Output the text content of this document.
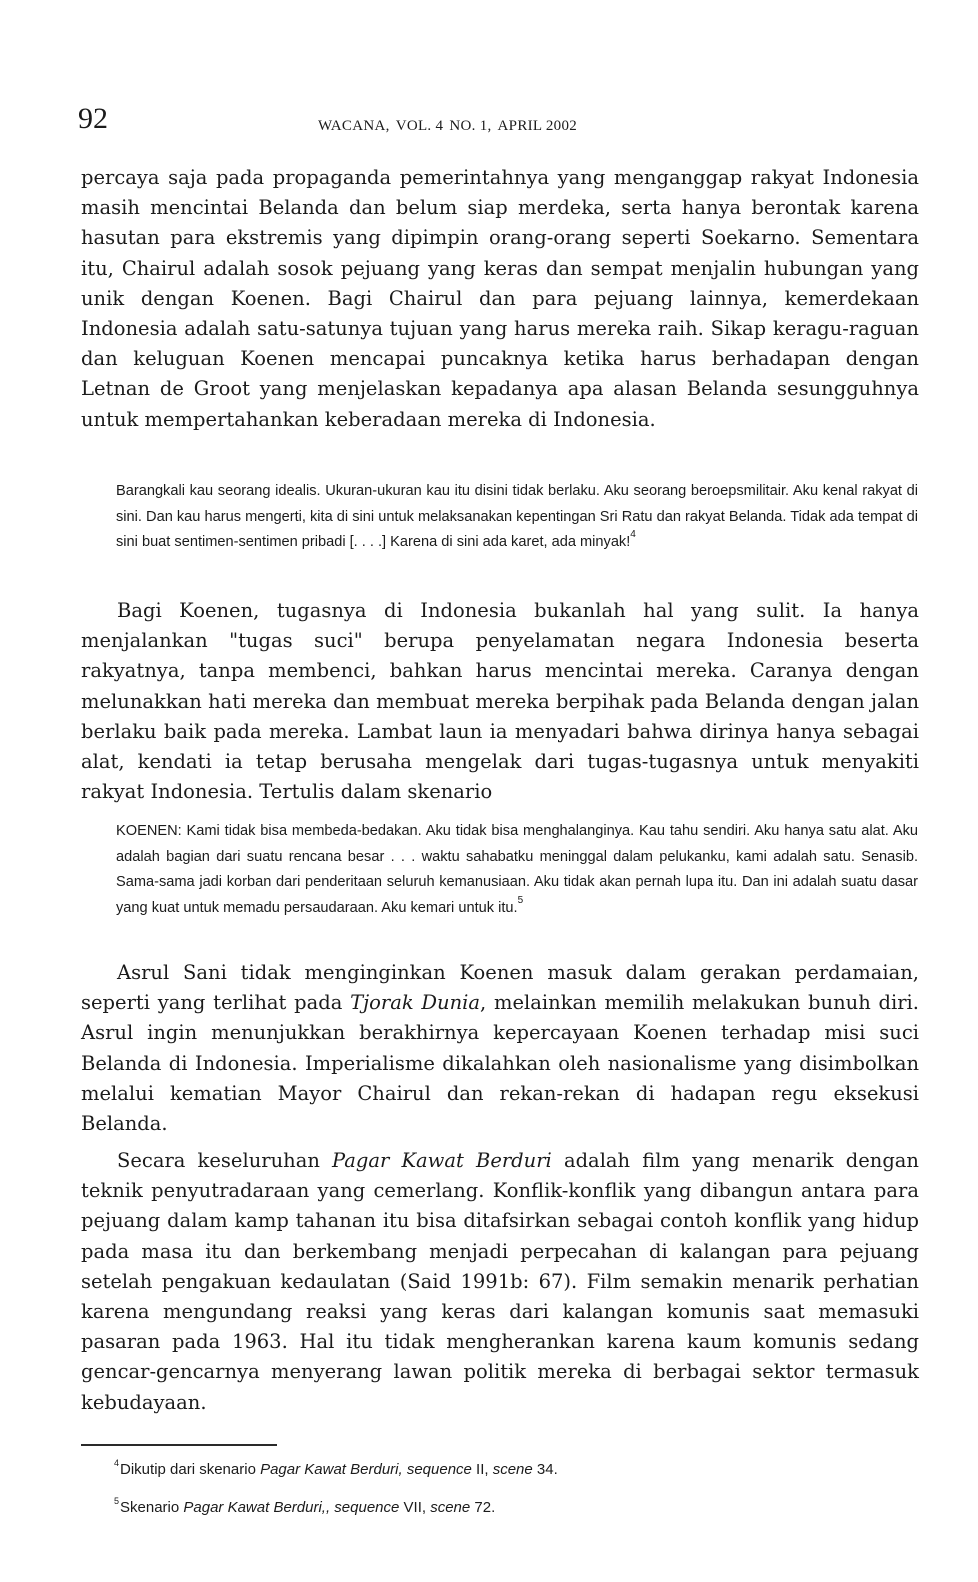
92	WACANA, VOL. 4 NO. 1, APRIL 2002

percaya saja pada propaganda pemerintahnya yang menganggap rakyat Indonesia masih mencintai Belanda dan belum siap merdeka, serta hanya berontak karena hasutan para ekstremis yang dipimpin orang-orang seperti Soekarno. Sementara itu, Chairul adalah sosok pejuang yang keras dan sempat menjalin hubungan yang unik dengan Koenen. Bagi Chairul dan para pejuang lainnya, kemerdekaan Indonesia adalah satu-satunya tujuan yang harus mereka raih. Sikap keragu-raguan dan keluguan Koenen mencapai puncaknya ketika harus berhadapan dengan Letnan de Groot yang menjelaskan kepadanya apa alasan Belanda sesungguhnya untuk mempertahankan keberadaan mereka di Indonesia.

Barangkali kau seorang idealis. Ukuran-ukuran kau itu disini tidak berlaku. Aku seorang beroepsmilitair. Aku kenal rakyat di sini. Dan kau harus mengerti, kita di sini untuk melaksanakan kepentingan Sri Ratu dan rakyat Belanda. Tidak ada tempat di sini buat sentimen-sentimen pribadi [. . . .] Karena di sini ada karet, ada minyak!$^4$

Bagi Koenen, tugasnya di Indonesia bukanlah hal yang sulit. Ia hanya menjalankan "tugas suci" berupa penyelamatan negara Indonesia beserta rakyatnya, tanpa membenci, bahkan harus mencintai mereka. Caranya dengan melunakkan hati mereka dan membuat mereka berpihak pada Belanda dengan jalan berlaku baik pada mereka. Lambat laun ia menyadari bahwa dirinya hanya sebagai alat, kendati ia tetap berusaha mengelak dari tugas-tugasnya untuk menyakiti rakyat Indonesia. Tertulis dalam skenario

KOENEN: Kami tidak bisa membeda-bedakan. Aku tidak bisa menghalanginya. Kau tahu sendiri. Aku hanya satu alat. Aku adalah bagian dari suatu rencana besar . . . waktu sahabatku meninggal dalam pelukanku, kami adalah satu. Senasib. Sama-sama jadi korban dari penderitaan seluruh kemanusiaan. Aku tidak akan pernah lupa itu. Dan ini adalah suatu dasar yang kuat untuk memadu persaudaraan. Aku kemari untuk itu.$^5$

Asrul Sani tidak menginginkan Koenen masuk dalam gerakan perdamaian, seperti yang terlihat pada Tjorak Dunia, melainkan memilih melakukan bunuh diri. Asrul ingin menunjukkan berakhirnya kepercayaan Koenen terhadap misi suci Belanda di Indonesia. Imperialisme dikalahkan oleh nasionalisme yang disimbolkan melalui kematian Mayor Chairul dan rekan-rekan di hadapan regu eksekusi Belanda.

Secara keseluruhan Pagar Kawat Berduri adalah film yang menarik dengan teknik penyutradaraan yang cemerlang. Konflik-konflik yang dibangun antara para pejuang dalam kamp tahanan itu bisa ditafsirkan sebagai contoh konflik yang hidup pada masa itu dan berkembang menjadi perpecahan di kalangan para pejuang setelah pengakuan kedaulatan (Said 1991b: 67). Film semakin menarik perhatian karena mengundang reaksi yang keras dari kalangan komunis saat memasuki pasaran pada 1963. Hal itu tidak mengherankan karena kaum komunis sedang gencar-gencarnya menyerang lawan politik mereka di berbagai sektor termasuk kebudayaan.

$^4$Dikutip dari skenario Pagar Kawat Berduri, sequence II, scene 34.

$^5$Skenario Pagar Kawat Berduri,, sequence VII, scene 72.
